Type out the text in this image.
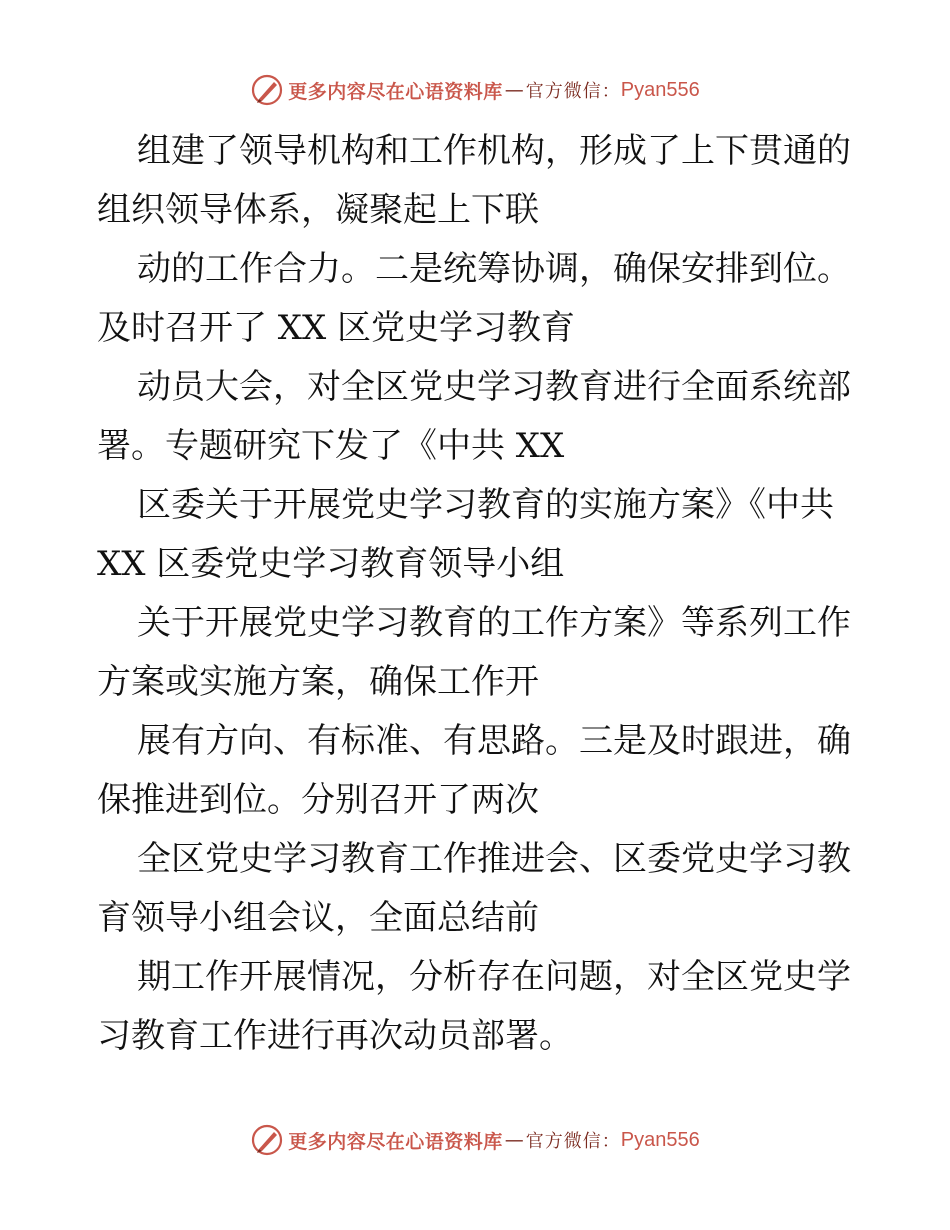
更多内容尽在心语资料库 — 官方微信： Pyan556
组建了领导机构和工作机构，形成了上下贯通的
组织领导体系，凝聚起上下联
动的工作合力。二是统筹协调，确保安排到位。
及时召开了 XX 区党史学习教育
动员大会，对全区党史学习教育进行全面系统部
署。专题研究下发了《中共 XX
区委关于开展党史学习教育的实施方案》《中共
XX 区委党史学习教育领导小组
关于开展党史学习教育的工作方案》等系列工作
方案或实施方案，确保工作开
展有方向、有标准、有思路。三是及时跟进，确
保推进到位。分别召开了两次
全区党史学习教育工作推进会、区委党史学习教
育领导小组会议，全面总结前
期工作开展情况，分析存在问题，对全区党史学
习教育工作进行再次动员部署。
更多内容尽在心语资料库 — 官方微信： Pyan556
